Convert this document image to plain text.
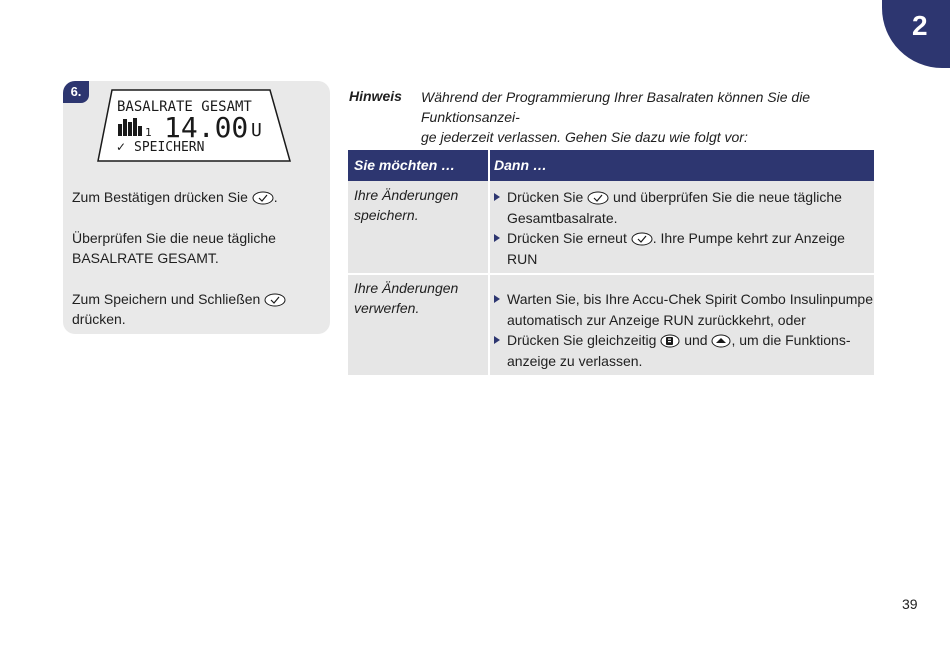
2
6.
BASALRATE GESAMT
1 14.00 U
✓ SPEICHERN
Zum Bestätigen drücken Sie .
Überprüfen Sie die neue tägliche
BASALRATE GESAMT.
Zum Speichern und Schließen
drücken.
Hinweis Während der Programmierung Ihrer Basalraten können Sie die Funktionsanzei-
ge jederzeit verlassen. Gehen Sie dazu wie folgt vor:
Sie möchten …	Dann …
Ihre Änderungen
speichern.
Drücken Sie und überprüfen Sie die neue tägliche
Gesamtbasalrate.
Drücken Sie erneut . Ihre Pumpe kehrt zur Anzeige RUN

Ihre Änderungen
verwerfen.
Warten Sie, bis Ihre Accu-Chek Spirit Combo Insulinpumpe
automatisch zur Anzeige RUN zurückkehrt, oder
Drücken Sie gleichzeitig und , um die Funktions-
anzeige zu verlassen.
39
